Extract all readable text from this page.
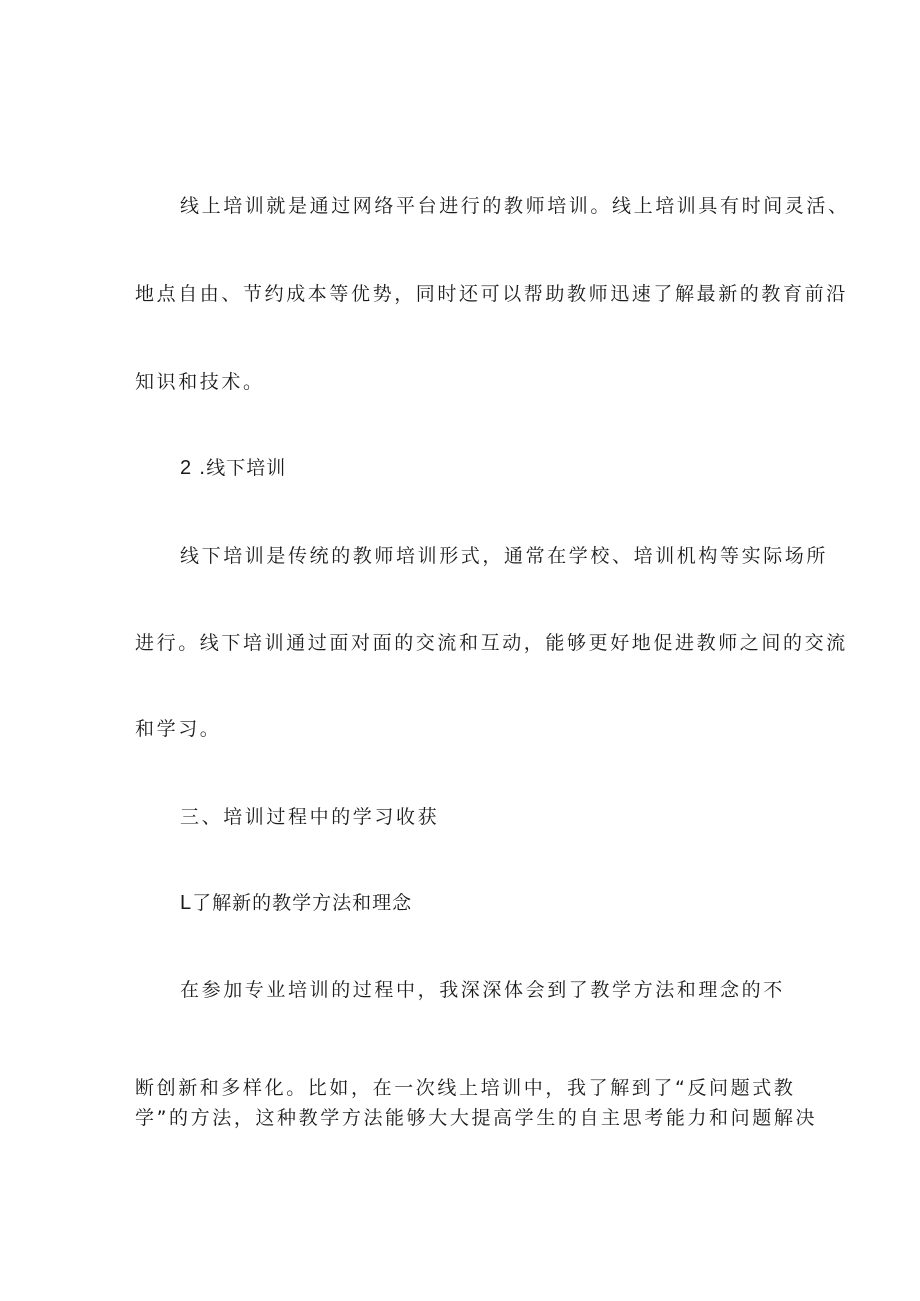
线上培训就是通过网络平台进行的教师培训。线上培训具有时间灵活、

地点自由、节约成本等优势，同时还可以帮助教师迅速了解最新的教育前沿

知识和技术。

2 .线下培训

线下培训是传统的教师培训形式，通常在学校、培训机构等实际场所

进行。线下培训通过面对面的交流和互动，能够更好地促进教师之间的交流

和学习。

三、培训过程中的学习收获

L了解新的教学方法和理念

在参加专业培训的过程中，我深深体会到了教学方法和理念的不

断创新和多样化。比如，在一次线上培训中，我了解到了“反问题式教

学”的方法，这种教学方法能够大大提高学生的自主思考能力和问题解决
